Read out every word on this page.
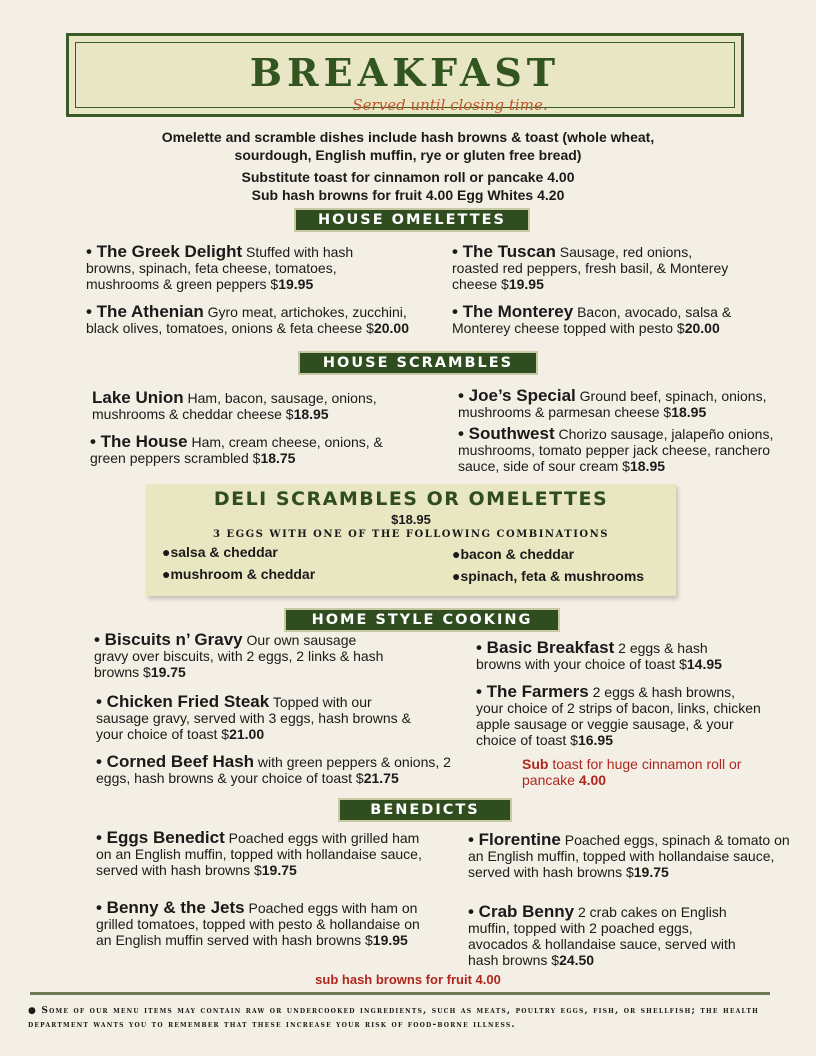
BREAKFAST
Served until closing time.
Omelette and scramble dishes include hash browns & toast (whole wheat,
sourdough, English muffin, rye or gluten free bread)
Substitute toast for cinnamon roll or pancake 4.00
Sub hash browns for fruit 4.00 Egg Whites 4.20
HOUSE OMELETTES
• The Greek Delight Stuffed with hash browns, spinach, feta cheese, tomatoes, mushrooms & green peppers $19.95
• The Tuscan Sausage, red onions, roasted red peppers, fresh basil, & Monterey cheese $19.95
• The Athenian Gyro meat, artichokes, zucchini, black olives, tomatoes, onions & feta cheese $20.00
• The Monterey Bacon, avocado, salsa & Monterey cheese topped with pesto $20.00
HOUSE SCRAMBLES
Lake Union Ham, bacon, sausage, onions, mushrooms & cheddar cheese $18.95
• Joe’s Special Ground beef, spinach, onions, mushrooms & parmesan cheese $18.95
• The House Ham, cream cheese, onions, & green peppers scrambled $18.75
• Southwest Chorizo sausage, jalapeño onions, mushrooms, tomato pepper jack cheese, ranchero sauce, side of sour cream $18.95
DELI SCRAMBLES OR OMELETTES
$18.95
3 EGGS WITH ONE OF THE FOLLOWING COMBINATIONS
●salsa & cheddar	●bacon & cheddar
●mushroom & cheddar	●spinach, feta & mushrooms
HOME STYLE COOKING
• Biscuits n’ Gravy Our own sausage gravy over biscuits, with 2 eggs, 2 links & hash browns $19.75
• Basic Breakfast 2 eggs & hash browns with your choice of toast $14.95
• Chicken Fried Steak Topped with our sausage gravy, served with 3 eggs, hash browns & your choice of toast $21.00
• The Farmers 2 eggs & hash browns, your choice of 2 strips of bacon, links, chicken apple sausage or veggie sausage, & your choice of toast $16.95
• Corned Beef Hash with green peppers & onions, 2 eggs, hash browns & your choice of toast $21.75
Sub toast for huge cinnamon roll or pancake 4.00
BENEDICTS
• Eggs Benedict Poached eggs with grilled ham on an English muffin, topped with hollandaise sauce, served with hash browns $19.75
• Florentine Poached eggs, spinach & tomato on an English muffin, topped with hollandaise sauce, served with hash browns $19.75
• Benny & the Jets Poached eggs with ham on grilled tomatoes, topped with pesto & hollandaise on an English muffin served with hash browns $19.95
• Crab Benny 2 crab cakes on English muffin, topped with 2 poached eggs, avocados & hollandaise sauce, served with hash browns $24.50
sub hash browns for fruit 4.00
● Some of our menu items may contain raw or undercooked ingredients, such as meats, poultry eggs, fish, or shellfish; the health department wants you to remember that these increase your risk of food-borne illness.
